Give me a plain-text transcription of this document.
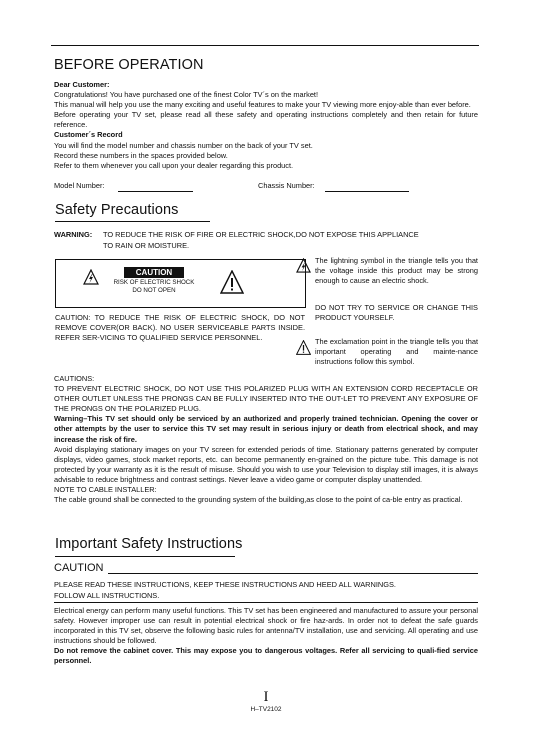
BEFORE OPERATION

Dear Customer:

Congratulations! You have purchased one of the finest Color TV´s on the market!

This manual will help you use the many exciting and useful features to make your TV viewing more enjoy-able than ever before.

Before operating your TV set, please read all these safety and operating instructions completely and then retain for future reference.

Customer´s Record

You will find the model number and chassis number on the back of your TV set.

Record these numbers in the spaces provided below.

Refer to them whenever you call upon your dealer regarding this product.

Model Number:	Chassis Number:
Safety Precautions
WARNING: TO REDUCE THE RISK OF FIRE OR ELECTRIC SHOCK,DO NOT EXPOSE THIS APPLIANCE
TO RAIN OR MOISTURE.
CAUTION
RISK OF ELECTRIC SHOCK
DO NOT OPEN
CAUTION: TO REDUCE THE RISK OF ELECTRIC SHOCK, DO NOT REMOVE COVER(OR BACK). NO USER SERVICEABLE PARTS INSIDE. REFER SER-VICING TO QUALIFIED SERVICE PERSONNEL.
The lightning symbol in the triangle tells you that the voltage inside this product may be strong enough to cause an electric shock.
DO NOT TRY TO SERVICE OR CHANGE THIS PRODUCT YOURSELF.
The exclamation point in the triangle tells you that important operating and mainte-nance instructions follow this symbol.

CAUTIONS:

TO PREVENT ELECTRIC SHOCK, DO NOT USE THIS POLARIZED PLUG WITH AN EXTENSION CORD RECEPTACLE OR OTHER OUTLET UNLESS THE PRONGS CAN BE FULLY INSERTED INTO THE OUT-LET TO PREVENT ANY EXPOSURE OF THE PRONGS ON THE POLARIZED PLUG.

Warning–This TV set should only be serviced by an authorized and properly trained technician. Opening the cover or other attempts by the user to service this TV set may result in serious injury or death from electrical shock, and may increase the risk of fire.

Avoid displaying stationary images on your TV screen for extended periods of time. Stationary patterns generated by computer displays, video games, stock market reports, etc. can become permanently en-grained on the picture tube. This damage is not protected by your warranty as it is the result of misuse. Should you wish to use your Television to display still images, it is always advisable to reduce brightness and contrast settings. Never leave a video game or computer display unattended.

NOTE TO CABLE INSTALLER:

The cable ground shall be connected to the grounding system of the building,as close to the point of ca-ble entry as practical.

Important Safety Instructions
CAUTION
PLEASE READ THESE INSTRUCTIONS, KEEP THESE INSTRUCTIONS AND HEED ALL WARNINGS.
FOLLOW ALL INSTRUCTIONS.

Electrical energy can perform many useful functions. This TV set has been engineered and manufactured to assure your personal safety. However improper use can result in potential electrical shock or fire haz-ards. In order not to defeat the safe guards incorporated in this TV set, observe the following basic rules for antenna/TV installation, use and servicing. All operating and use instructions should be followed.

Do not remove the cabinet cover. This may expose you to dangerous voltages. Refer all servicing to quali-fied service personnel.

I
H–TV2102
